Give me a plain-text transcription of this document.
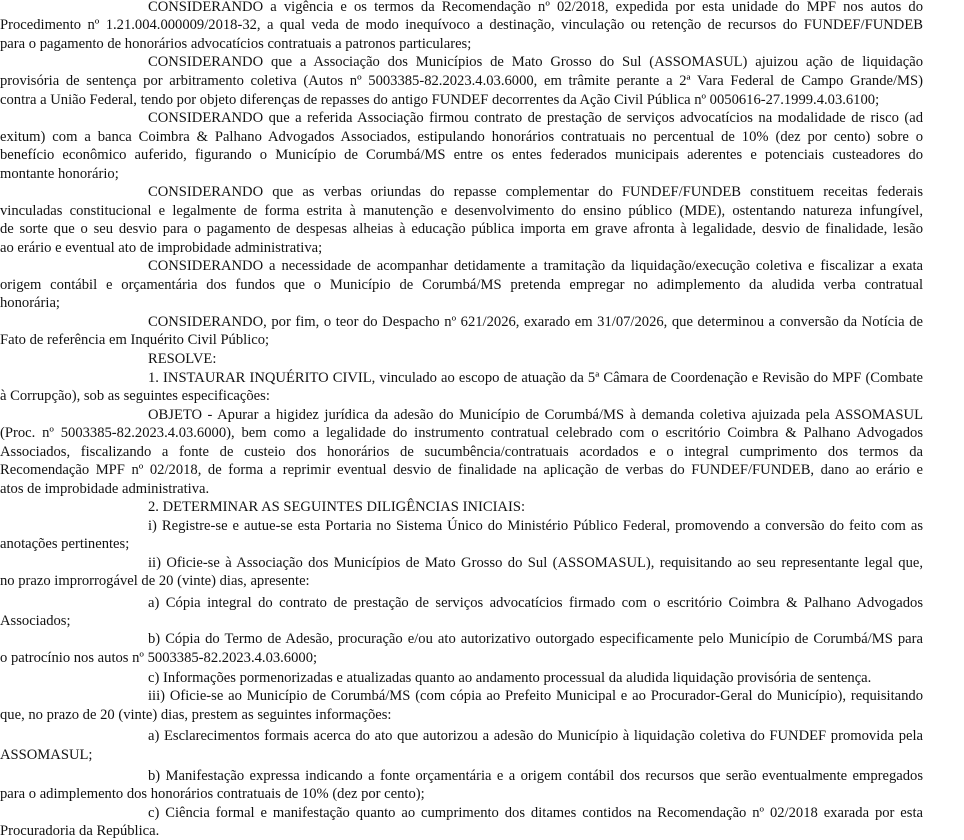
CONSIDERANDO a vigência e os termos da Recomendação nº 02/2018, expedida por esta unidade do MPF nos autos do
Procedimento nº 1.21.004.000009/2018-32, a qual veda de modo inequívoco a destinação, vinculação ou retenção de recursos do FUNDEF/FUNDEB
para o pagamento de honorários advocatícios contratuais a patronos particulares;
CONSIDERANDO que a Associação dos Municípios de Mato Grosso do Sul (ASSOMASUL) ajuizou ação de liquidação
provisória de sentença por arbitramento coletiva (Autos nº 5003385-82.2023.4.03.6000, em trâmite perante a 2ª Vara Federal de Campo Grande/MS)
contra a União Federal, tendo por objeto diferenças de repasses do antigo FUNDEF decorrentes da Ação Civil Pública nº 0050616-27.1999.4.03.6100;
CONSIDERANDO que a referida Associação firmou contrato de prestação de serviços advocatícios na modalidade de risco (ad
exitum) com a banca Coimbra & Palhano Advogados Associados, estipulando honorários contratuais no percentual de 10% (dez por cento) sobre o
benefício econômico auferido, figurando o Município de Corumbá/MS entre os entes federados municipais aderentes e potenciais custeadores do
montante honorário;
CONSIDERANDO que as verbas oriundas do repasse complementar do FUNDEF/FUNDEB constituem receitas federais
vinculadas constitucional e legalmente de forma estrita à manutenção e desenvolvimento do ensino público (MDE), ostentando natureza infungível,
de sorte que o seu desvio para o pagamento de despesas alheias à educação pública importa em grave afronta à legalidade, desvio de finalidade, lesão
ao erário e eventual ato de improbidade administrativa;
CONSIDERANDO a necessidade de acompanhar detidamente a tramitação da liquidação/execução coletiva e fiscalizar a exata
origem contábil e orçamentária dos fundos que o Município de Corumbá/MS pretenda empregar no adimplemento da aludida verba contratual
honorária;
CONSIDERANDO, por fim, o teor do Despacho nº 621/2026, exarado em 31/07/2026, que determinou a conversão da Notícia de
Fato de referência em Inquérito Civil Público;
RESOLVE:
1. INSTAURAR INQUÉRITO CIVIL, vinculado ao escopo de atuação da 5ª Câmara de Coordenação e Revisão do MPF (Combate
à Corrupção), sob as seguintes especificações:
OBJETO - Apurar a higidez jurídica da adesão do Município de Corumbá/MS à demanda coletiva ajuizada pela ASSOMASUL
(Proc. nº 5003385-82.2023.4.03.6000), bem como a legalidade do instrumento contratual celebrado com o escritório Coimbra & Palhano Advogados
Associados, fiscalizando a fonte de custeio dos honorários de sucumbência/contratuais acordados e o integral cumprimento dos termos da
Recomendação MPF nº 02/2018, de forma a reprimir eventual desvio de finalidade na aplicação de verbas do FUNDEF/FUNDEB, dano ao erário e
atos de improbidade administrativa.
2. DETERMINAR AS SEGUINTES DILIGÊNCIAS INICIAIS:
i) Registre-se e autue-se esta Portaria no Sistema Único do Ministério Público Federal, promovendo a conversão do feito com as
anotações pertinentes;
ii) Oficie-se à Associação dos Municípios de Mato Grosso do Sul (ASSOMASUL), requisitando ao seu representante legal que,
no prazo improrrogável de 20 (vinte) dias, apresente:
a) Cópia integral do contrato de prestação de serviços advocatícios firmado com o escritório Coimbra & Palhano Advogados
Associados;
b) Cópia do Termo de Adesão, procuração e/ou ato autorizativo outorgado especificamente pelo Município de Corumbá/MS para
o patrocínio nos autos nº 5003385-82.2023.4.03.6000;
c) Informações pormenorizadas e atualizadas quanto ao andamento processual da aludida liquidação provisória de sentença.
iii) Oficie-se ao Município de Corumbá/MS (com cópia ao Prefeito Municipal e ao Procurador-Geral do Município), requisitando
que, no prazo de 20 (vinte) dias, prestem as seguintes informações:
a) Esclarecimentos formais acerca do ato que autorizou a adesão do Município à liquidação coletiva do FUNDEF promovida pela
ASSOMASUL;
b) Manifestação expressa indicando a fonte orçamentária e a origem contábil dos recursos que serão eventualmente empregados
para o adimplemento dos honorários contratuais de 10% (dez por cento);
c) Ciência formal e manifestação quanto ao cumprimento dos ditames contidos na Recomendação nº 02/2018 exarada por esta
Procuradoria da República.
